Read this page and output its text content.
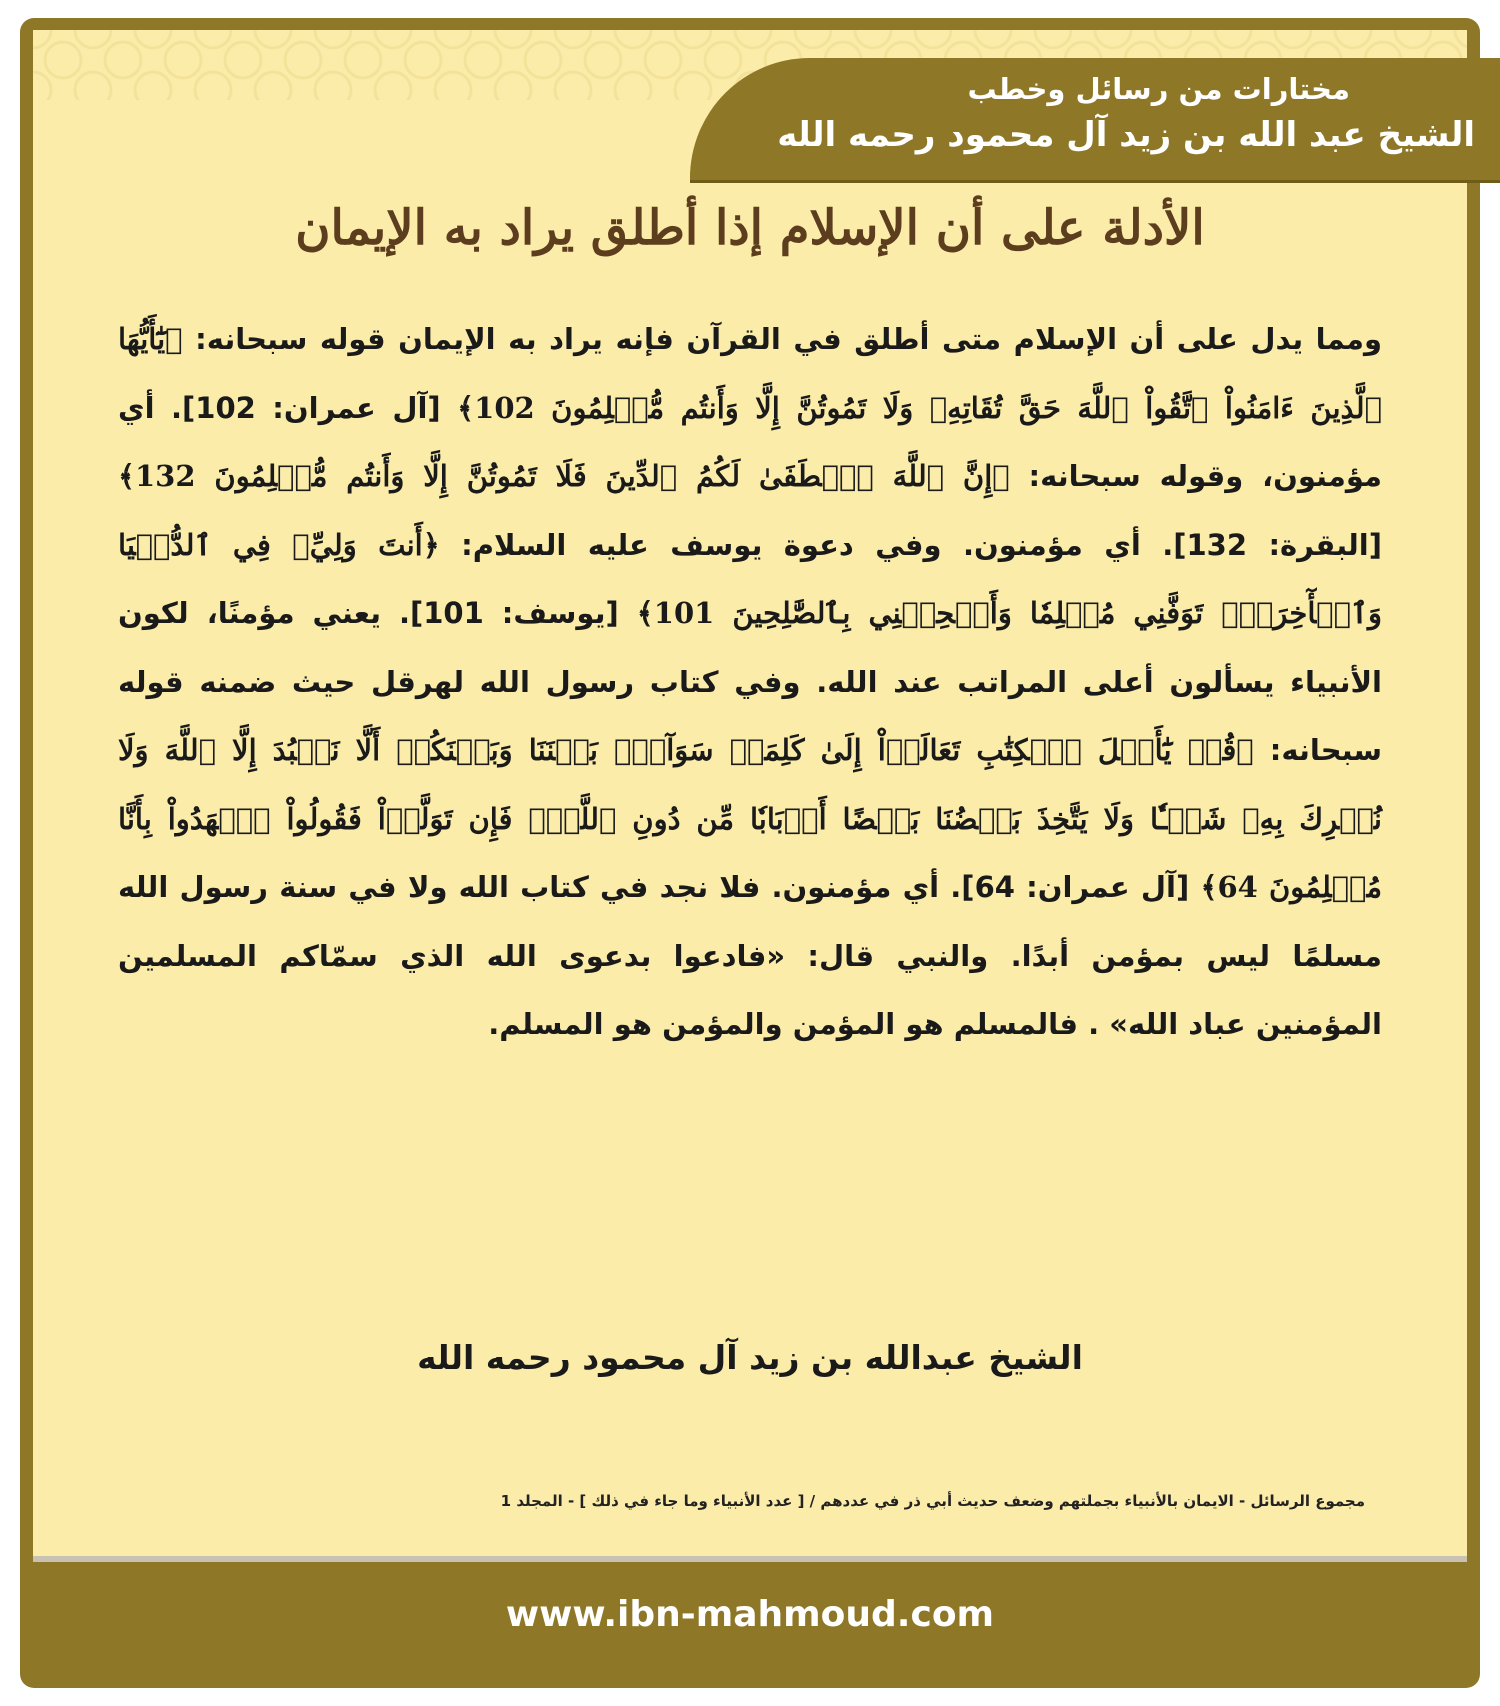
مختارات من رسائل وخطب
الشيخ عبد الله بن زيد آل محمود رحمه الله
الأدلة على أن الإسلام إذا أطلق يراد به الإيمان
ومما يدل على أن الإسلام متى أطلق في القرآن فإنه يراد به الإيمان قوله سبحانه: ﴿يَٰٓأَيُّهَا ٱلَّذِينَ ءَامَنُواْ ٱتَّقُواْ ٱللَّهَ حَقَّ تُقَاتِهِۦ وَلَا تَمُوتُنَّ إِلَّا وَأَنتُم مُّسۡلِمُونَ 102﴾ [آل عمران: 102]. أي مؤمنون، وقوله سبحانه: ﴿إِنَّ ٱللَّهَ ٱصۡطَفَىٰ لَكُمُ ٱلدِّينَ فَلَا تَمُوتُنَّ إِلَّا وَأَنتُم مُّسۡلِمُونَ 132﴾ [البقرة: 132]. أي مؤمنون. وفي دعوة يوسف عليه السلام: ﴿أَنتَ وَلِيِّۦ فِي ٱلدُّنۡيَا وَٱلۡأٓخِرَةِۖ تَوَفَّنِي مُسۡلِمٗا وَأَلۡحِقۡنِي بِٱلصَّٰلِحِينَ 101﴾ [يوسف: 101]. يعني مؤمنًا، لكون الأنبياء يسألون أعلى المراتب عند الله. وفي كتاب رسول الله لهرقل حيث ضمنه قوله سبحانه: ﴿قُلۡ يَٰٓأَهۡلَ ٱلۡكِتَٰبِ تَعَالَوۡاْ إِلَىٰ كَلِمَةٖ سَوَآءِۭ بَيۡنَنَا وَبَيۡنَكُمۡ أَلَّا نَعۡبُدَ إِلَّا ٱللَّهَ وَلَا نُشۡرِكَ بِهِۦ شَيۡـٔٗا وَلَا يَتَّخِذَ بَعۡضُنَا بَعۡضًا أَرۡبَابٗا مِّن دُونِ ٱللَّهِۚ فَإِن تَوَلَّوۡاْ فَقُولُواْ ٱشۡهَدُواْ بِأَنَّا مُسۡلِمُونَ 64﴾ [آل عمران: 64]. أي مؤمنون. فلا نجد في كتاب الله ولا في سنة رسول الله مسلمًا ليس بمؤمن أبدًا. والنبي قال: «فادعوا بدعوى الله الذي سمّاكم المسلمين المؤمنين عباد الله» . فالمسلم هو المؤمن والمؤمن هو المسلم.
الشيخ عبدالله بن زيد آل محمود رحمه الله
مجموع الرسائل - الايمان بالأنبياء بجملتهم وضعف حديث أبي ذر في عددهم / [ عدد الأنبياء وما جاء في ذلك ] - المجلد 1
www.ibn-mahmoud.com
